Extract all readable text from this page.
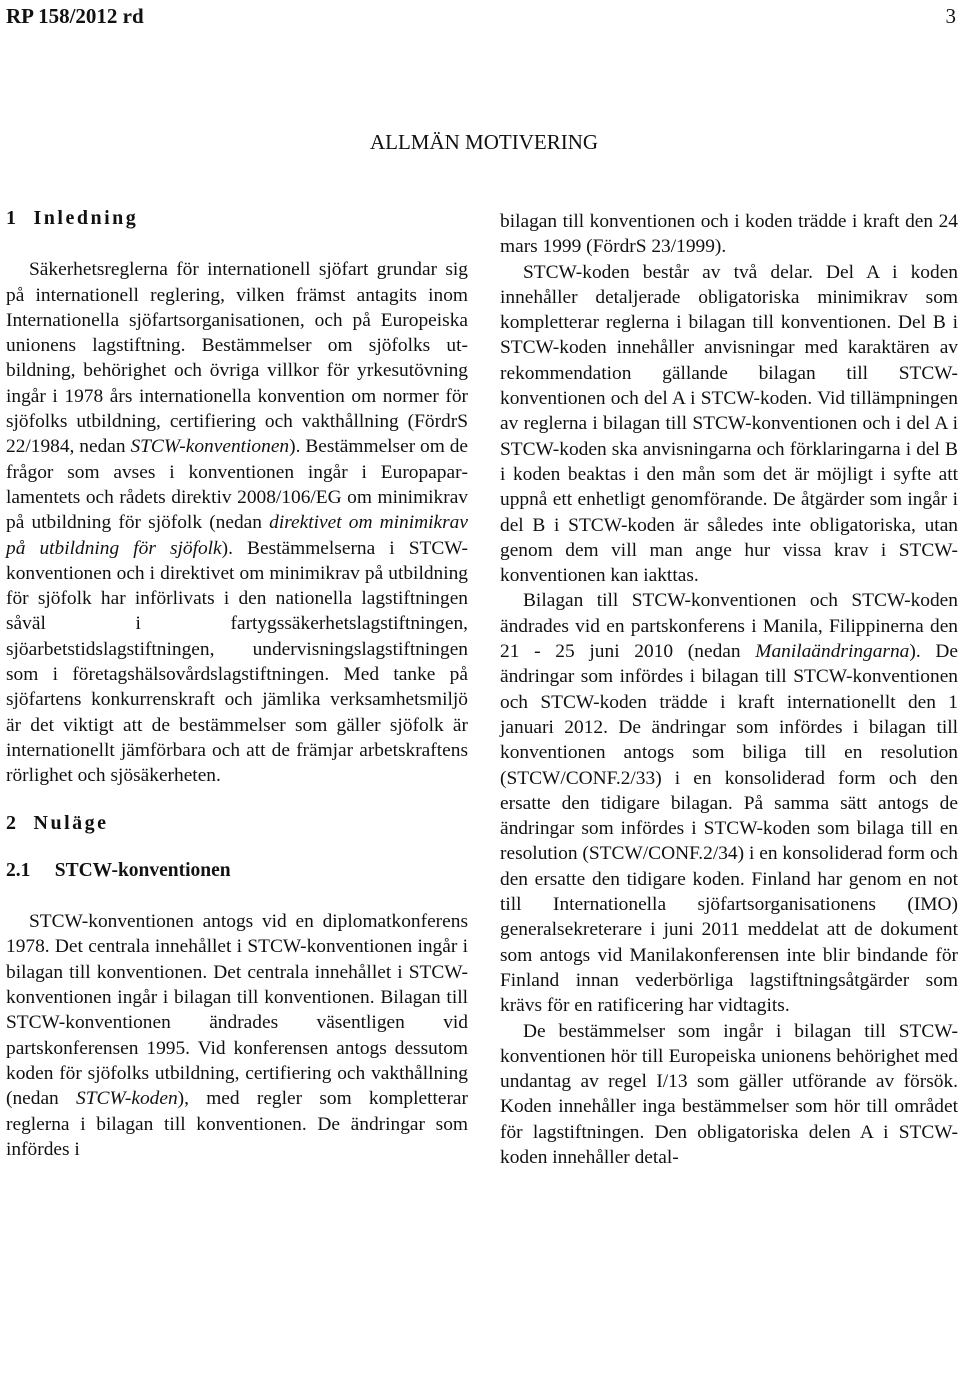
RP 158/2012 rd	3
ALLMÄN MOTIVERING
1 Inledning

Säkerhetsreglerna för internationell sjöfart grundar sig på internationell reglering, vilken främst antagits inom Internationella sjöfartsorganisationen, och på Europeiska unionens lagstiftning. Bestämmelser om sjöfolks utbildning, behörighet och övriga villkor för yrkesutövning ingår i 1978 års internationella konvention om normer för sjöfolks utbildning, certifiering och vakthållning (FördrS 22/1984, nedan STCW-konventionen). Bestämmelser om de frågor som avses i konventionen ingår i Europaparlamentets och rådets direktiv 2008/106/EG om minimikrav på utbildning för sjöfolk (nedan direktivet om minimikrav på utbildning för sjöfolk). Bestämmelserna i STCW-konventionen och i direktivet om minimikrav på utbildning för sjöfolk har införlivats i den nationella lagstiftningen såväl i fartygssäkerhetslagstiftningen, sjöarbetstidslagstiftningen, undervisningslagstiftningen som i företagshälsovårdslagstiftningen. Med tanke på sjöfartens konkurrenskraft och jämlika verksamhetsmiljö är det viktigt att de bestämmelser som gäller sjöfolk är internationellt jämförbara och att de främjar arbetskraftens rörlighet och sjösäkerheten.

2 Nuläge
2.1 STCW-konventionen

STCW-konventionen antogs vid en diplomatkonferens 1978. Det centrala innehållet i STCW-konventionen ingår i bilagan till konventionen. Det centrala innehållet i STCW-konventionen ingår i bilagan till konventionen. Bilagan till STCW-konventionen ändrades väsentligen vid partskonferensen 1995. Vid konferensen antogs dessutom koden för sjöfolks utbildning, certifiering och vakthållning (nedan STCW-koden), med regler som kompletterar reglerna i bilagan till konventionen. De ändringar som infördes i

bilagan till konventionen och i koden trädde i kraft den 24 mars 1999 (FördrS 23/1999).

STCW-koden består av två delar. Del A i koden innehåller detaljerade obligatoriska minimikrav som kompletterar reglerna i bilagan till konventionen. Del B i STCW-koden innehåller anvisningar med karaktären av rekommendation gällande bilagan till STCW-konventionen och del A i STCW-koden. Vid tillämpningen av reglerna i bilagan till STCW-konventionen och i del A i STCW-koden ska anvisningarna och förklaringarna i del B i koden beaktas i den mån som det är möjligt i syfte att uppnå ett enhetligt genomförande. De åtgärder som ingår i del B i STCW-koden är således inte obligatoriska, utan genom dem vill man ange hur vissa krav i STCW-konventionen kan iakttas.

Bilagan till STCW-konventionen och STCW-koden ändrades vid en partskonferens i Manila, Filippinerna den 21 - 25 juni 2010 (nedan Manilaändringarna). De ändringar som infördes i bilagan till STCW-konventionen och STCW-koden trädde i kraft internationellt den 1 januari 2012. De ändringar som infördes i bilagan till konventionen antogs som biliga till en resolution (STCW/CONF.2/33) i en konsoliderad form och den ersatte den tidigare bilagan. På samma sätt antogs de ändringar som infördes i STCW-koden som bilaga till en resolution (STCW/CONF.2/34) i en konsoliderad form och den ersatte den tidigare koden. Finland har genom en not till Internationella sjöfartsorganisationens (IMO) generalsekreterare i juni 2011 meddelat att de dokument som antogs vid Manilakonferensen inte blir bindande för Finland innan vederbörliga lagstiftningsåtgärder som krävs för en ratificering har vidtagits.

De bestämmelser som ingår i bilagan till STCW-konventionen hör till Europeiska unionens behörighet med undantag av regel I/13 som gäller utförande av försök. Koden innehåller inga bestämmelser som hör till området för lagstiftningen. Den obligatoriska delen A i STCW-koden innehåller detal-
